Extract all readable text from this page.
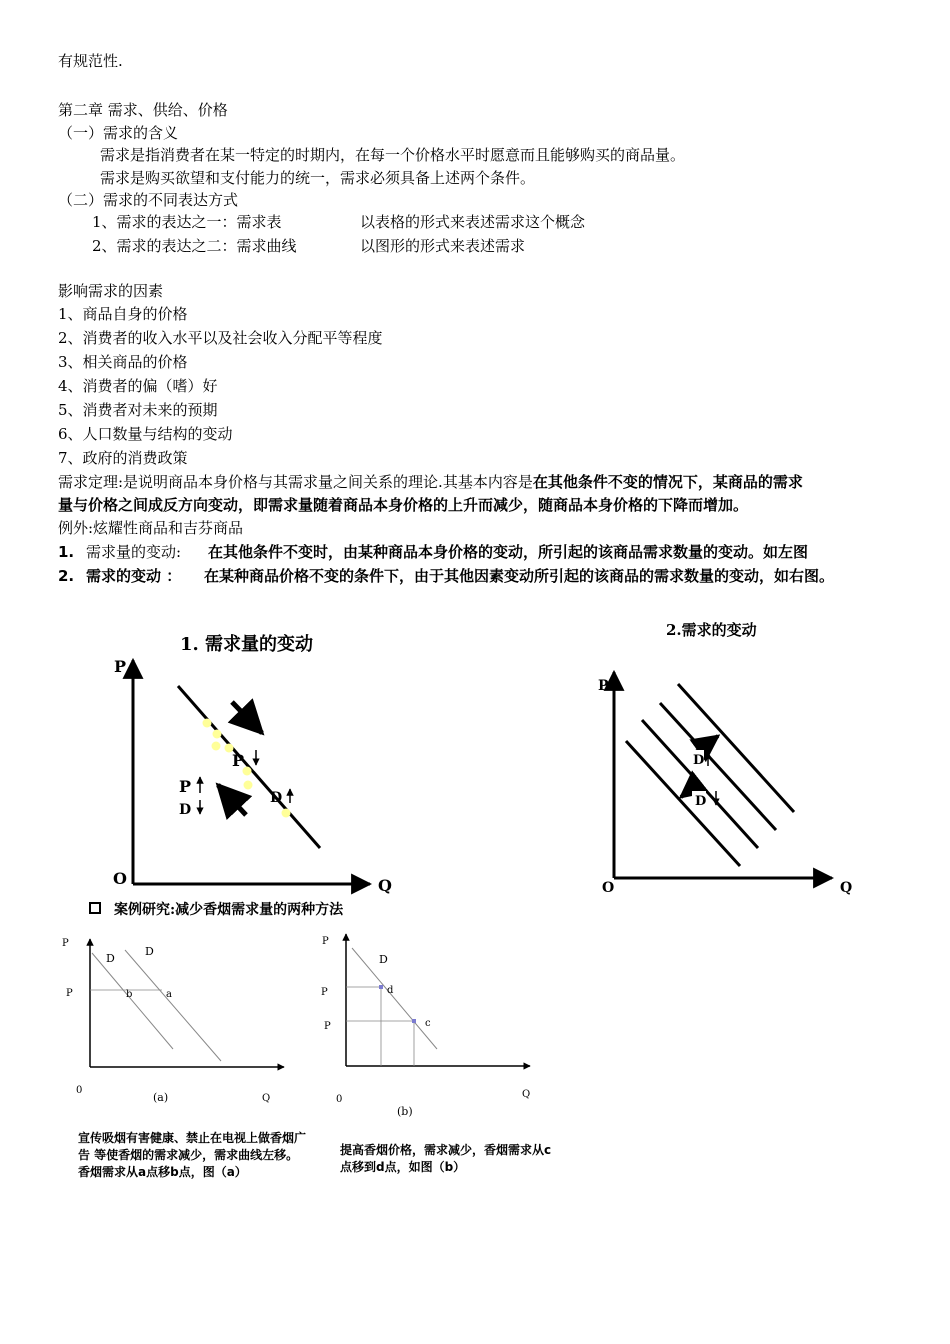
有规范性.
第二章 需求、供给、价格
（一）需求的含义
需求是指消费者在某一特定的时期内，在每一个价格水平时愿意而且能够购买的商品量。
需求是购买欲望和支付能力的统一，需求必须具备上述两个条件。
（二）需求的不同表达方式
1、需求的表达之一：需求表	以表格的形式来表述需求这个概念
2、需求的表达之二：需求曲线	以图形的形式来表述需求
影响需求的因素
1、商品自身的价格
2、消费者的收入水平以及社会收入分配平等程度
3、相关商品的价格
4、消费者的偏（嗜）好
5、消费者对未来的预期
6、人口数量与结构的变动
7、政府的消费政策
需求定理:是说明商品本身价格与其需求量之间关系的理论.其基本内容是在其他条件不变的情况下，某商品的需求
量与价格之间成反方向变动，即需求量随着商品本身价格的上升而减少，随商品本身价格的下降而增加。
例外:炫耀性商品和吉芬商品
1. 需求量的变动: 在其他条件不变时，由某种商品本身价格的变动，所引起的该商品需求数量的变动。如左图
2. 需求的变动 ： 在某种商品价格不变的条件下，由于其他因素变动所引起的该商品的需求数量的变动，如右图。
1. 需求量的变动
P
Q
O
P
D
P
D
2.需求的变动
P
Q
O
D
D
案例研究:减少香烟需求量的两种方法
P
P
D
D
b	a
0
Q
(a)
P
D
P
P
d
c
0	Q
(b)
宣传吸烟有害健康、禁止在电视上做香烟广告 等使香烟的需求减少，需求曲线左移。香烟需求从a点移b点，图（a）
提高香烟价格，需求减少，香烟需求从c点移到d点，如图（b）
